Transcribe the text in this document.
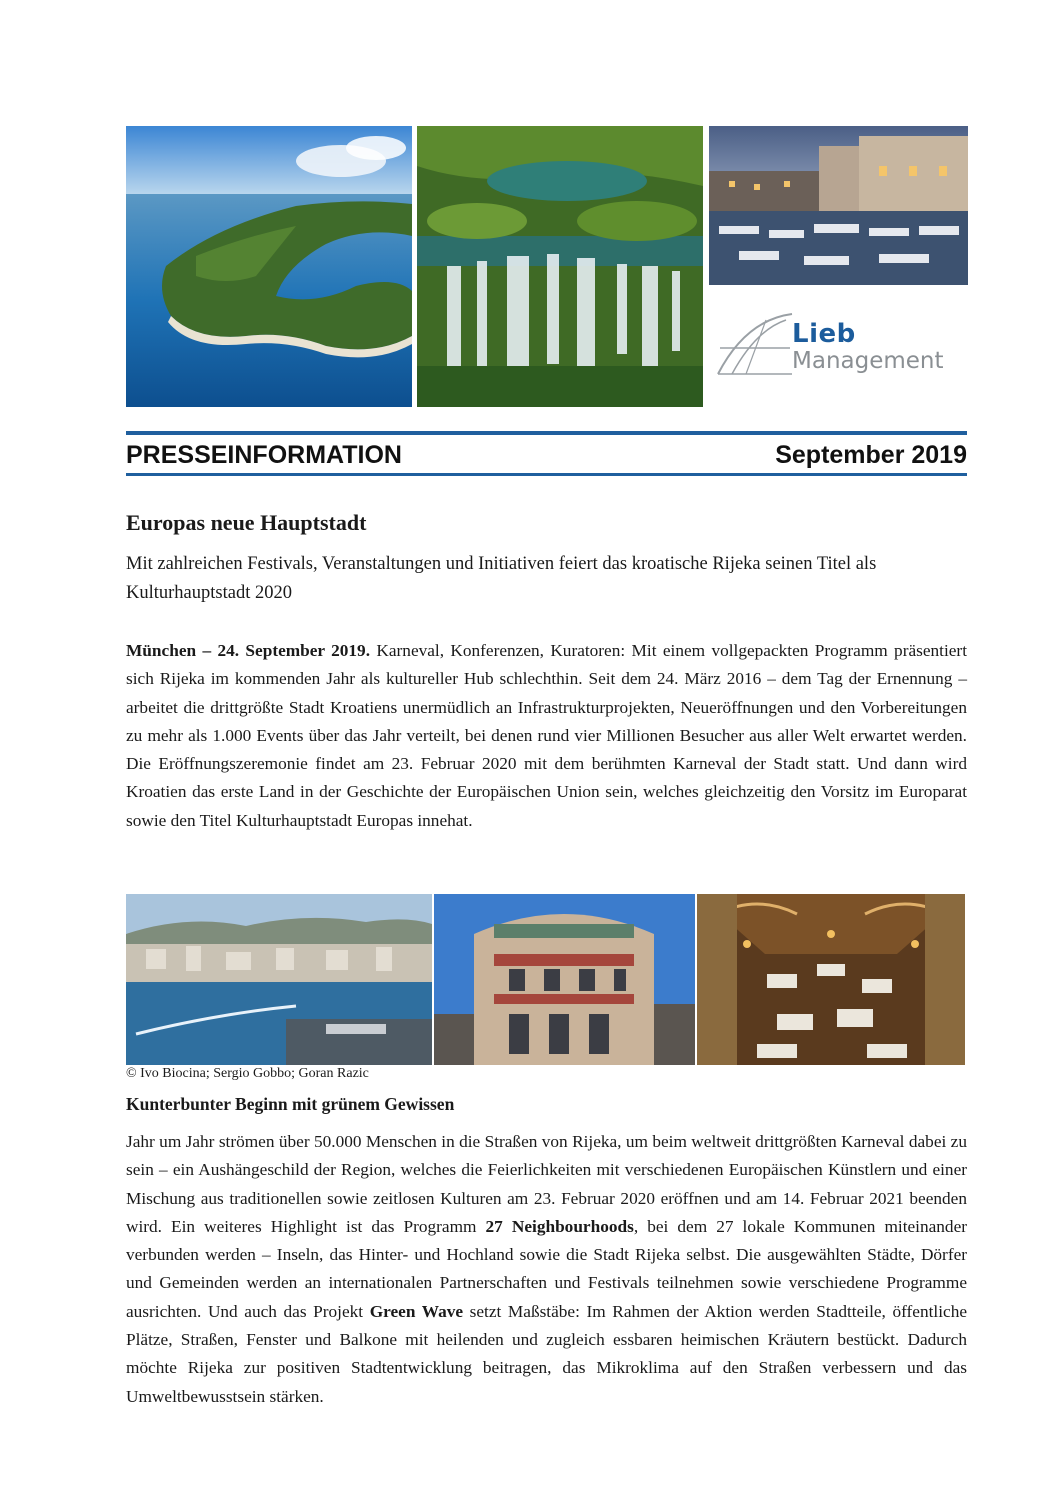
Lieb
Management
PRESSEINFORMATION	September 2019
Europas neue Hauptstadt
Mit zahlreichen Festivals, Veranstaltungen und Initiativen feiert das kroatische Rijeka seinen Titel als Kulturhauptstadt 2020
München – 24. September 2019. Karneval, Konferenzen, Kuratoren: Mit einem vollgepackten Programm präsentiert sich Rijeka im kommenden Jahr als kultureller Hub schlechthin. Seit dem 24. März 2016 – dem Tag der Ernennung – arbeitet die drittgrößte Stadt Kroatiens unermüdlich an Infrastrukturprojekten, Neueröffnungen und den Vorbereitungen zu mehr als 1.000 Events über das Jahr verteilt, bei denen rund vier Millionen Besucher aus aller Welt erwartet werden. Die Eröffnungszeremonie findet am 23. Februar 2020 mit dem berühmten Karneval der Stadt statt. Und dann wird Kroatien das erste Land in der Geschichte der Europäischen Union sein, welches gleichzeitig den Vorsitz im Europarat sowie den Titel Kulturhauptstadt Europas innehat.
© Ivo Biocina; Sergio Gobbo; Goran Razic
Kunterbunter Beginn mit grünem Gewissen
Jahr um Jahr strömen über 50.000 Menschen in die Straßen von Rijeka, um beim weltweit drittgrößten Karneval dabei zu sein – ein Aushängeschild der Region, welches die Feierlichkeiten mit verschiedenen Europäischen Künstlern und einer Mischung aus traditionellen sowie zeitlosen Kulturen am 23. Februar 2020 eröffnen und am 14. Februar 2021 beenden wird. Ein weiteres Highlight ist das Programm 27 Neighbourhoods, bei dem 27 lokale Kommunen miteinander verbunden werden – Inseln, das Hinter- und Hochland sowie die Stadt Rijeka selbst. Die ausgewählten Städte, Dörfer und Gemeinden werden an internationalen Partnerschaften und Festivals teilnehmen sowie verschiedene Programme ausrichten. Und auch das Projekt Green Wave setzt Maßstäbe: Im Rahmen der Aktion werden Stadtteile, öffentliche Plätze, Straßen, Fenster und Balkone mit heilenden und zugleich essbaren heimischen Kräutern bestückt. Dadurch möchte Rijeka zur positiven Stadtentwicklung beitragen, das Mikroklima auf den Straßen verbessern und das Umweltbewusstsein stärken.
